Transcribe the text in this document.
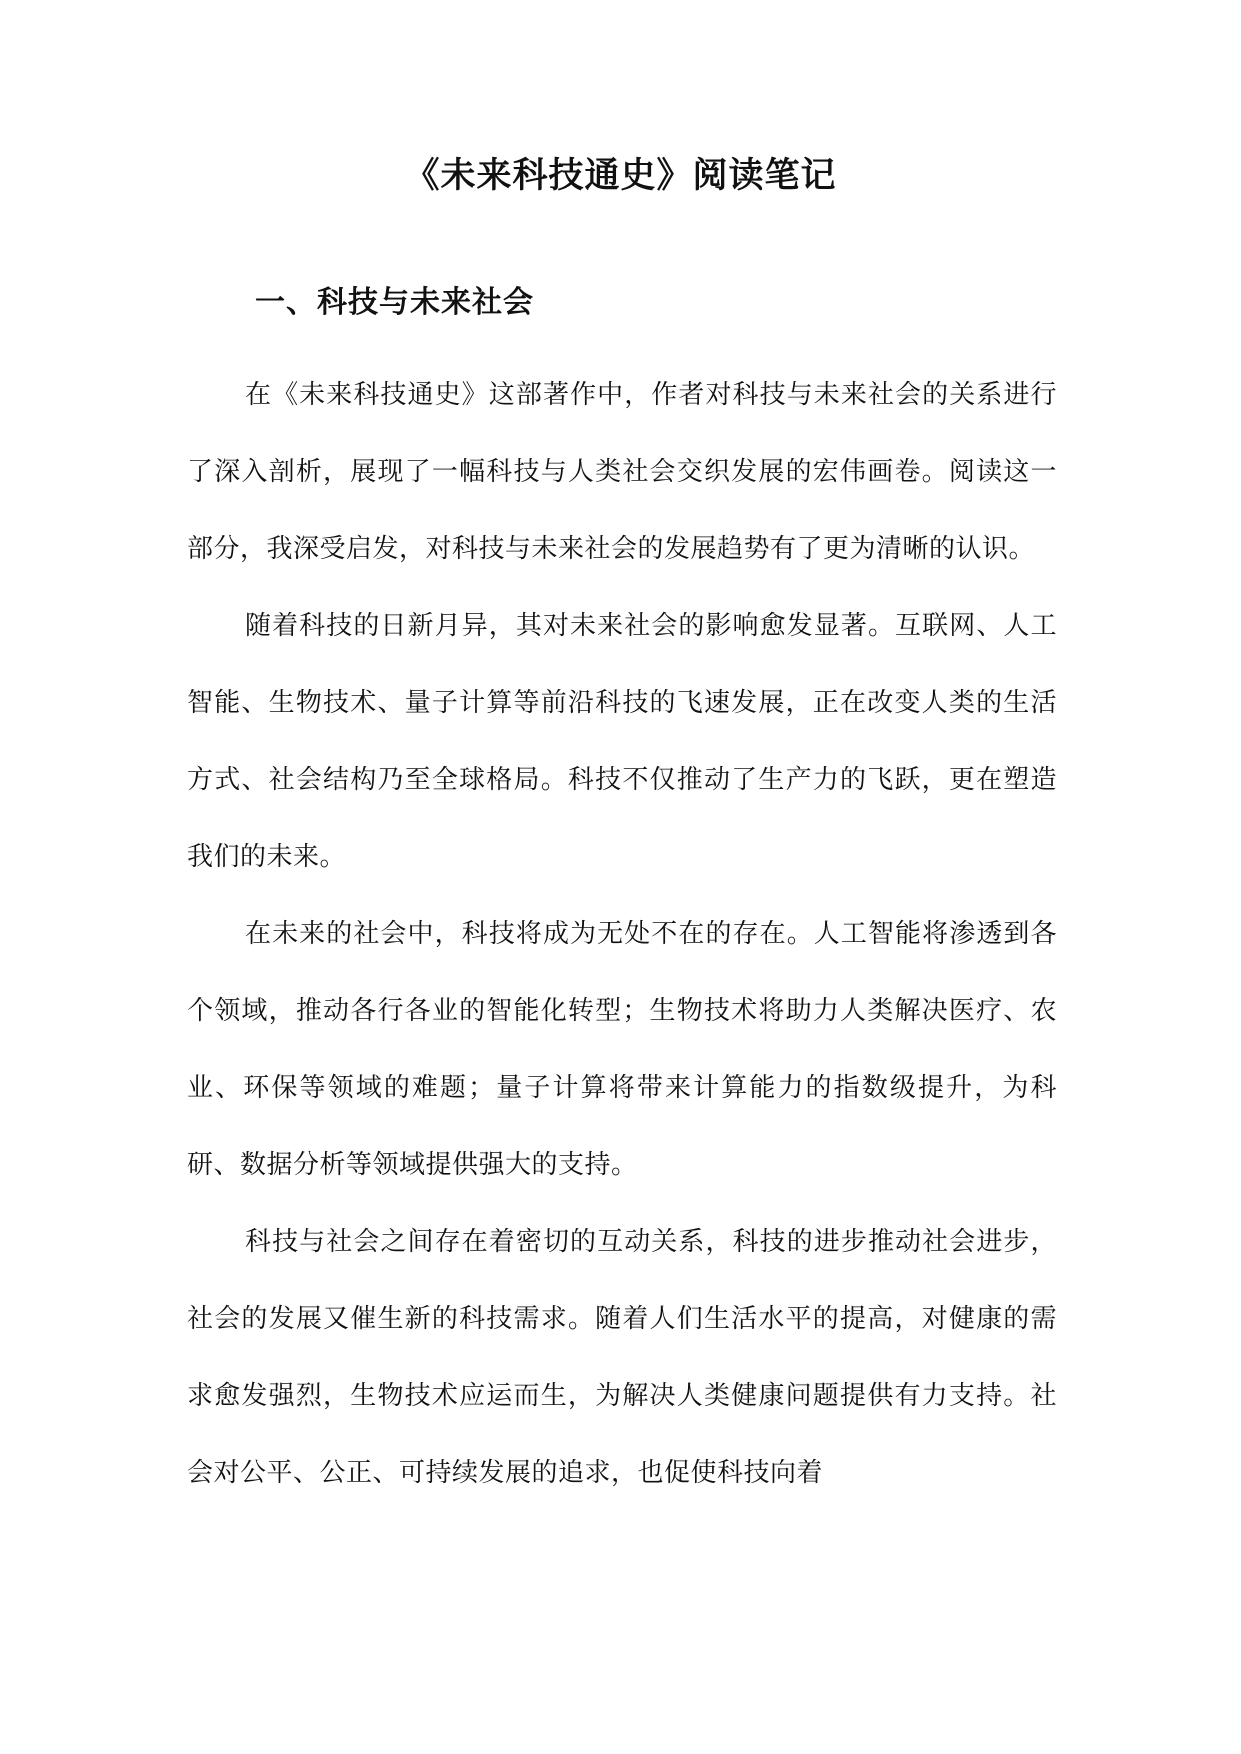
《未来科技通史》阅读笔记
一、科技与未来社会

在《未来科技通史》这部著作中，作者对科技与未来社会的关系进行了深入剖析，展现了一幅科技与人类社会交织发展的宏伟画卷。阅读这一部分，我深受启发，对科技与未来社会的发展趋势有了更为清晰的认识。

随着科技的日新月异，其对未来社会的影响愈发显著。互联网、人工智能、生物技术、量子计算等前沿科技的飞速发展，正在改变人类的生活方式、社会结构乃至全球格局。科技不仅推动了生产力的飞跃，更在塑造我们的未来。

在未来的社会中，科技将成为无处不在的存在。人工智能将渗透到各个领域，推动各行各业的智能化转型；生物技术将助力人类解决医疗、农业、环保等领域的难题；量子计算将带来计算能力的指数级提升，为科研、数据分析等领域提供强大的支持。

科技与社会之间存在着密切的互动关系，科技的进步推动社会进步，社会的发展又催生新的科技需求。随着人们生活水平的提高，对健康的需求愈发强烈，生物技术应运而生，为解决人类健康问题提供有力支持。社会对公平、公正、可持续发展的追求，也促使科技向着
